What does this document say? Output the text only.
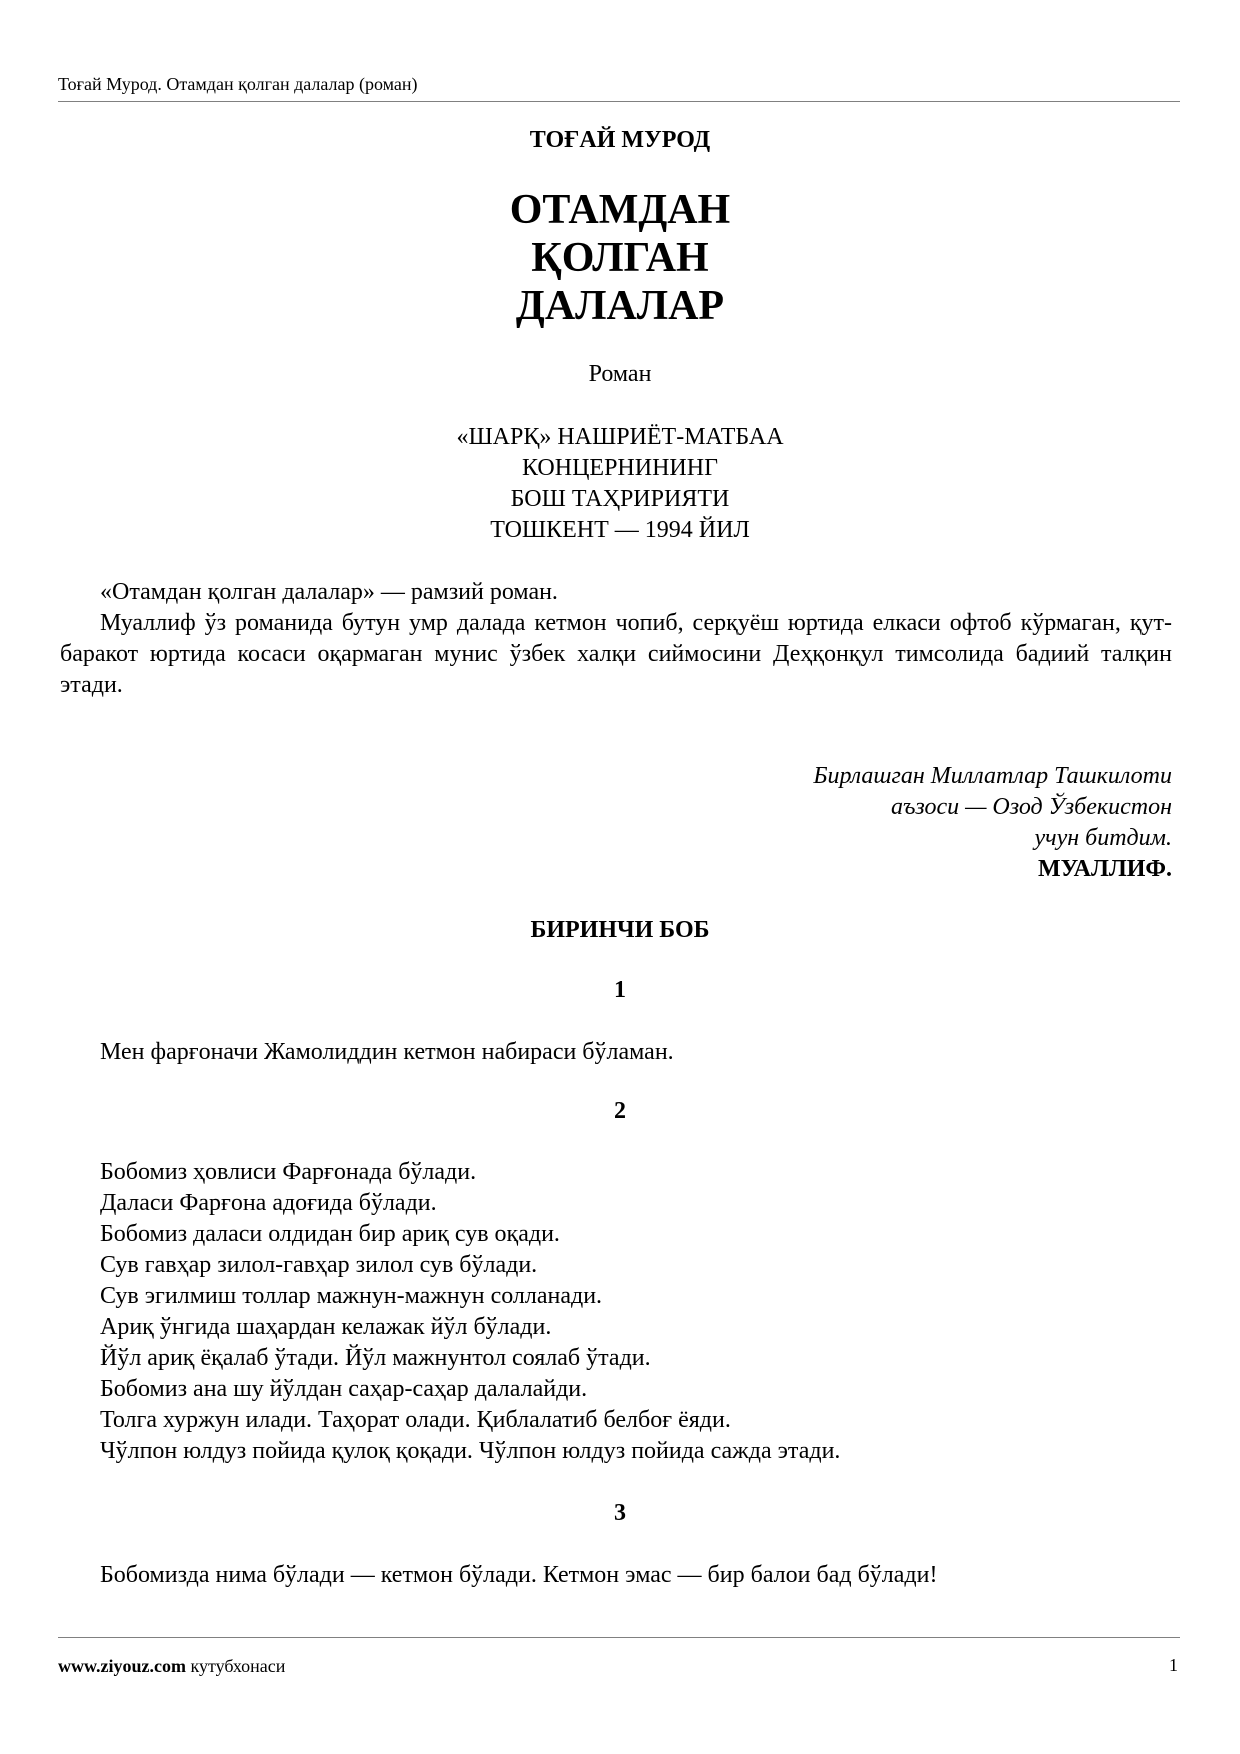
Тоғай Мурод. Отамдан қолган далалар (роман)
ТОҒАЙ МУРОД
ОТАМДАН
ҚОЛГАН
ДАЛАЛАР
Роман
«ШАРҚ» НАШРИЁТ-МАТБАА
КОНЦЕРНИНИНГ
БОШ ТАҲРИРИЯТИ
ТОШКЕНТ — 1994 ЙИЛ

«Отамдан қолган далалар» — рамзий роман.

Муаллиф ўз романида бутун умр далада кетмон чопиб, серқуёш юртида елкаси офтоб кўрмаган, қут-баракот юртида косаси оқармаган мунис ўзбек халқи сиймосини Деҳқонқул тимсолида бадиий талқин этади.

Бирлашган Миллатлар Ташкилоти
аъзоси — Озод Ўзбекистон
учун битдим.
МУАЛЛИФ.
БИРИНЧИ БОБ
1
Мен фарғоначи Жамолиддин кетмон набираси бўламан.
2
Бобомиз ҳовлиси Фарғонада бўлади.
Даласи Фарғона адоғида бўлади.
Бобомиз даласи олдидан бир ариқ сув оқади.
Сув гавҳар зилол-гавҳар зилол сув бўлади.
Сув эгилмиш толлар мажнун-мажнун солланади.
Ариқ ўнгида шаҳардан келажак йўл бўлади.
Йўл ариқ ёқалаб ўтади. Йўл мажнунтол соялаб ўтади.
Бобомиз ана шу йўлдан саҳар-саҳар далалайди.
Толга хуржун илади. Таҳорат олади. Қиблалатиб белбоғ ёяди.
Чўлпон юлдуз пойида қулоқ қоқади. Чўлпон юлдуз пойида сажда этади.
3
Бобомизда нима бўлади — кетмон бўлади. Кетмон эмас — бир балои бад бўлади!
www.ziyouz.com кутубхонаси	1
